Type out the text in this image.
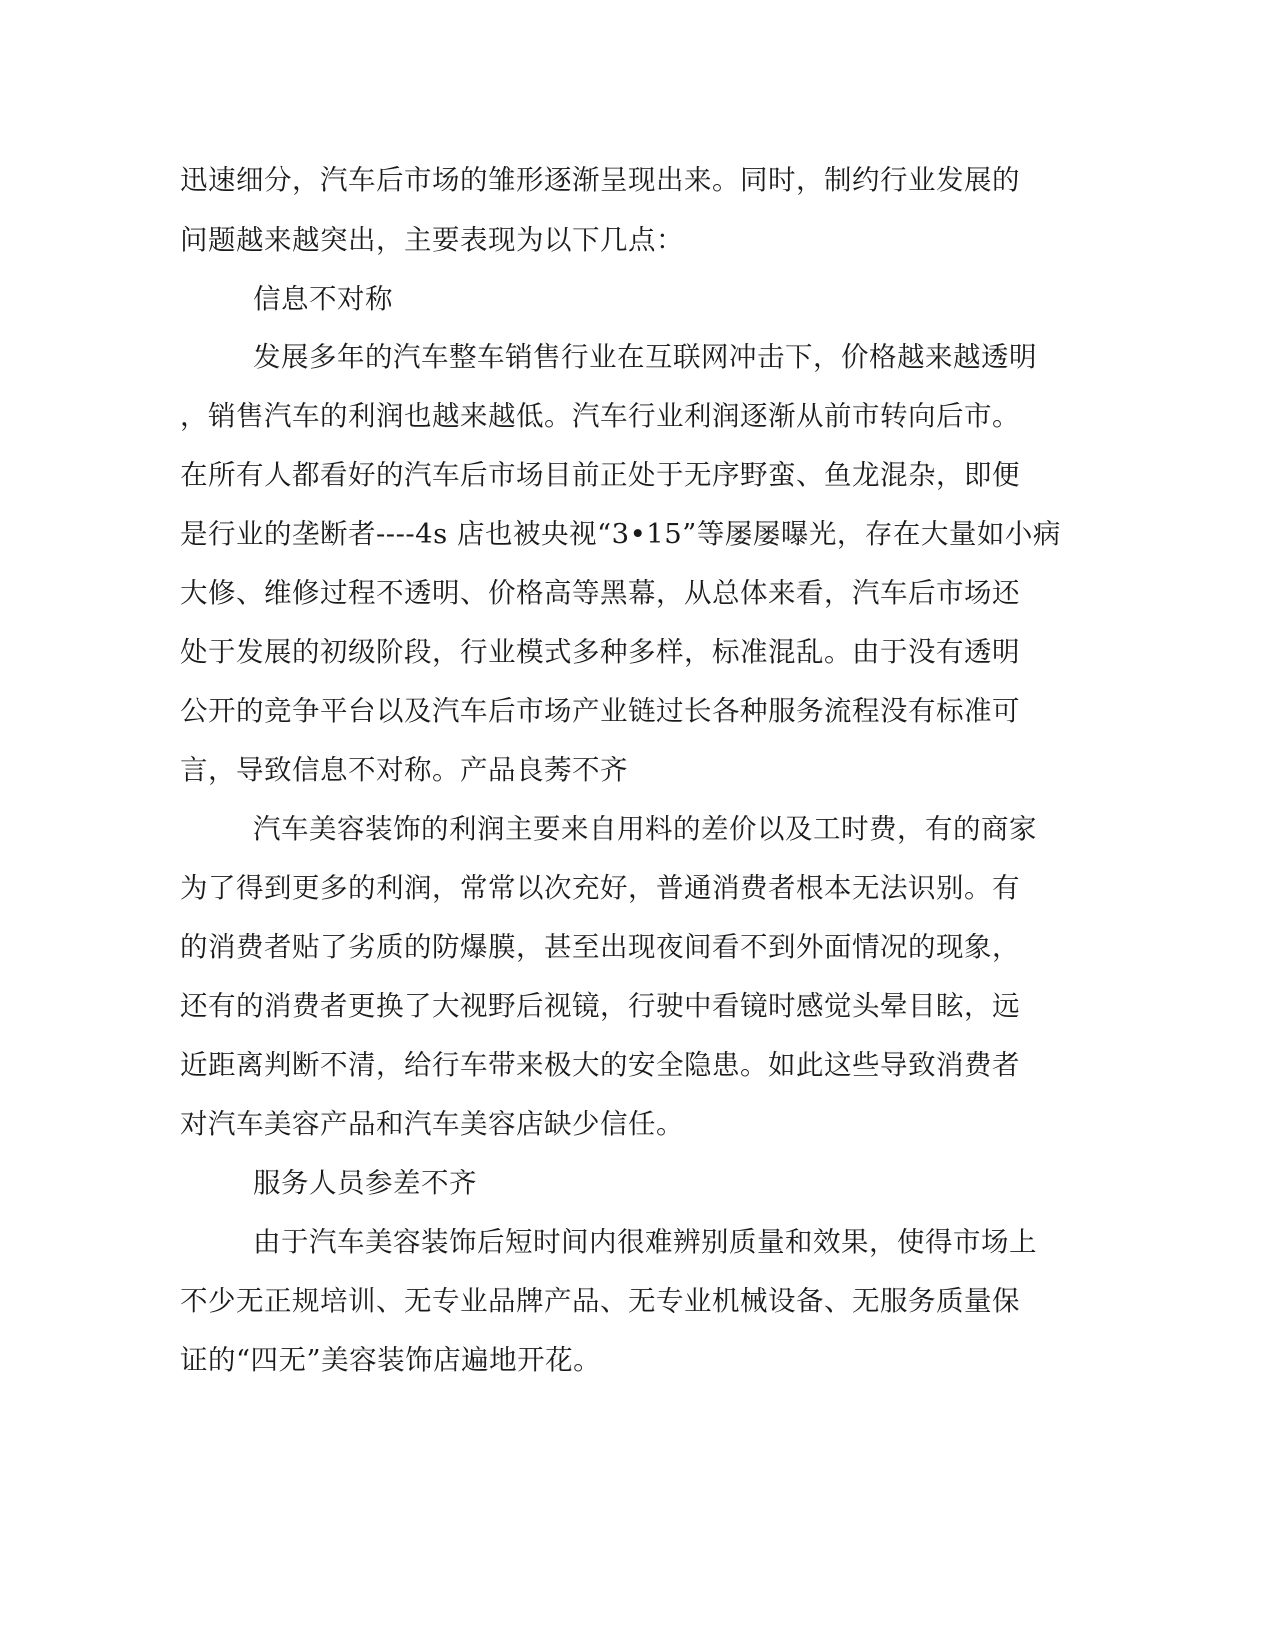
迅速细分，汽车后市场的雏形逐渐呈现出来。同时，制约行业发展的
问题越来越突出，主要表现为以下几点：
信息不对称
发展多年的汽车整车销售行业在互联网冲击下，价格越来越透明
，销售汽车的利润也越来越低。汽车行业利润逐渐从前市转向后市。
在所有人都看好的汽车后市场目前正处于无序野蛮、鱼龙混杂，即便
是行业的垄断者----4s 店也被央视“3•15”等屡屡曝光，存在大量如小病
大修、维修过程不透明、价格高等黑幕，从总体来看，汽车后市场还
处于发展的初级阶段，行业模式多种多样，标准混乱。由于没有透明
公开的竞争平台以及汽车后市场产业链过长各种服务流程没有标准可
言，导致信息不对称。产品良莠不齐
汽车美容装饰的利润主要来自用料的差价以及工时费，有的商家
为了得到更多的利润，常常以次充好，普通消费者根本无法识别。有
的消费者贴了劣质的防爆膜，甚至出现夜间看不到外面情况的现象，
还有的消费者更换了大视野后视镜，行驶中看镜时感觉头晕目眩，远
近距离判断不清，给行车带来极大的安全隐患。如此这些导致消费者
对汽车美容产品和汽车美容店缺少信任。
服务人员参差不齐
由于汽车美容装饰后短时间内很难辨别质量和效果，使得市场上
不少无正规培训、无专业品牌产品、无专业机械设备、无服务质量保
证的“四无”美容装饰店遍地开花。
